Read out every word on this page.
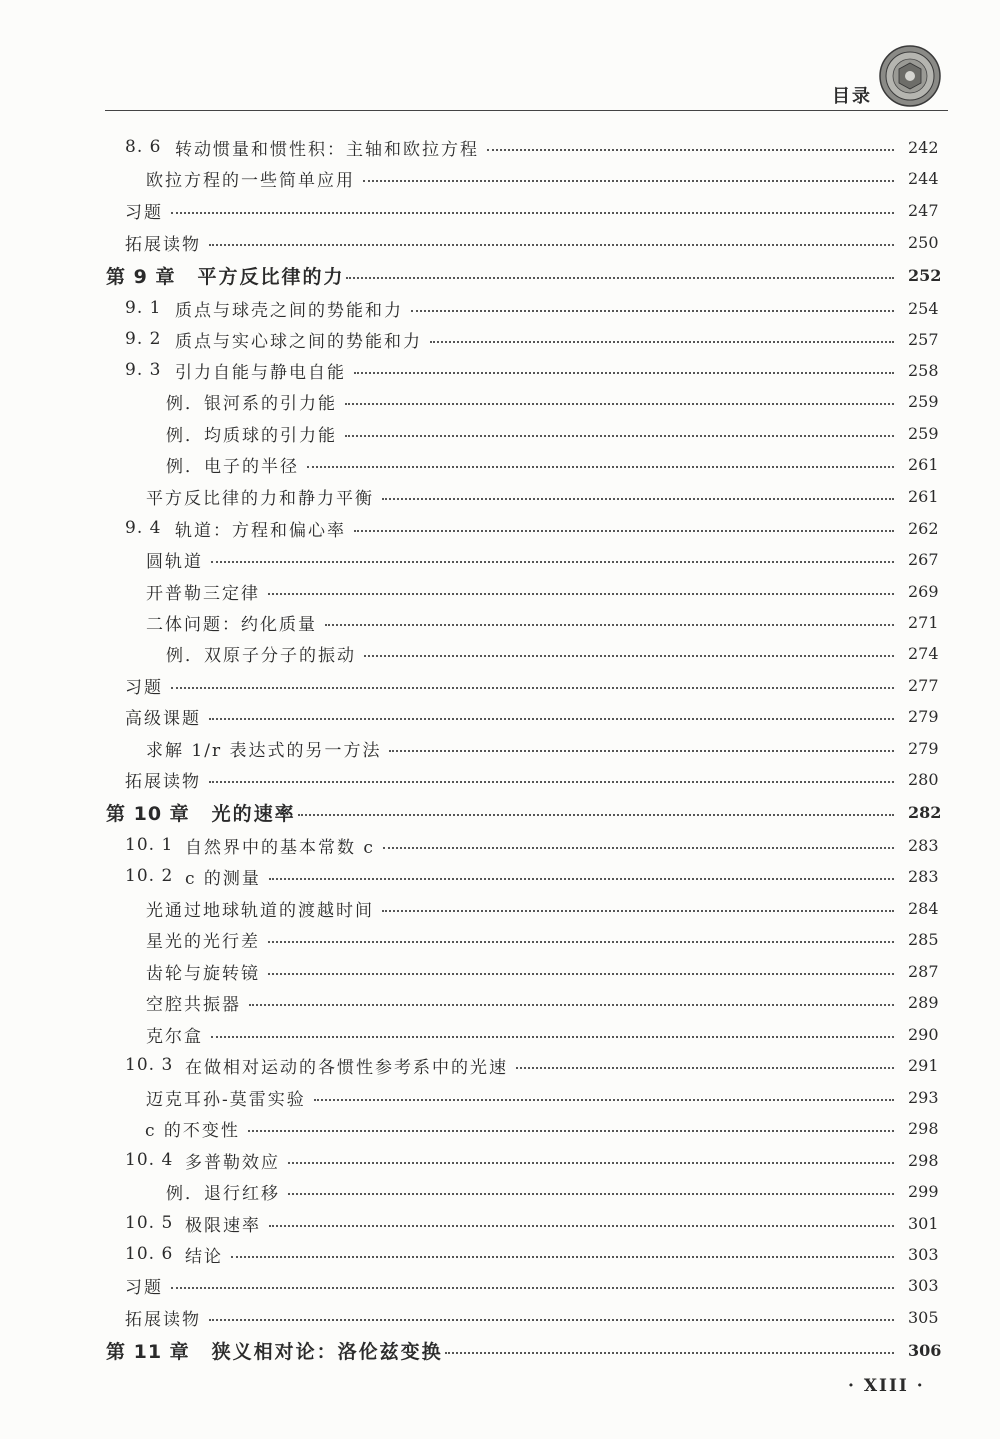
目录
8. 6 转动惯量和惯性积：主轴和欧拉方程	242
欧拉方程的一些简单应用	244
习题	247
拓展读物	250
第 9 章 平方反比律的力	252
9. 1 质点与球壳之间的势能和力	254
9. 2 质点与实心球之间的势能和力	257
9. 3 引力自能与静电自能	258
例．银河系的引力能	259
例．均质球的引力能	259
例．电子的半径	261
平方反比律的力和静力平衡	261
9. 4 轨道：方程和偏心率	262
圆轨道	267
开普勒三定律	269
二体问题：约化质量	271
例．双原子分子的振动	274
习题	277
高级课题	279
求解 1/r 表达式的另一方法	279
拓展读物	280
第 10 章 光的速率	282
10. 1 自然界中的基本常数 c	283
10. 2 c 的测量	283
光通过地球轨道的渡越时间	284
星光的光行差	285
齿轮与旋转镜	287
空腔共振器	289
克尔盒	290
10. 3 在做相对运动的各惯性参考系中的光速	291
迈克耳孙-莫雷实验	293
c 的不变性	298
10. 4 多普勒效应	298
例．退行红移	299
10. 5 极限速率	301
10. 6 结论	303
习题	303
拓展读物	305
第 11 章 狭义相对论：洛伦兹变换	306
· XIII ·
